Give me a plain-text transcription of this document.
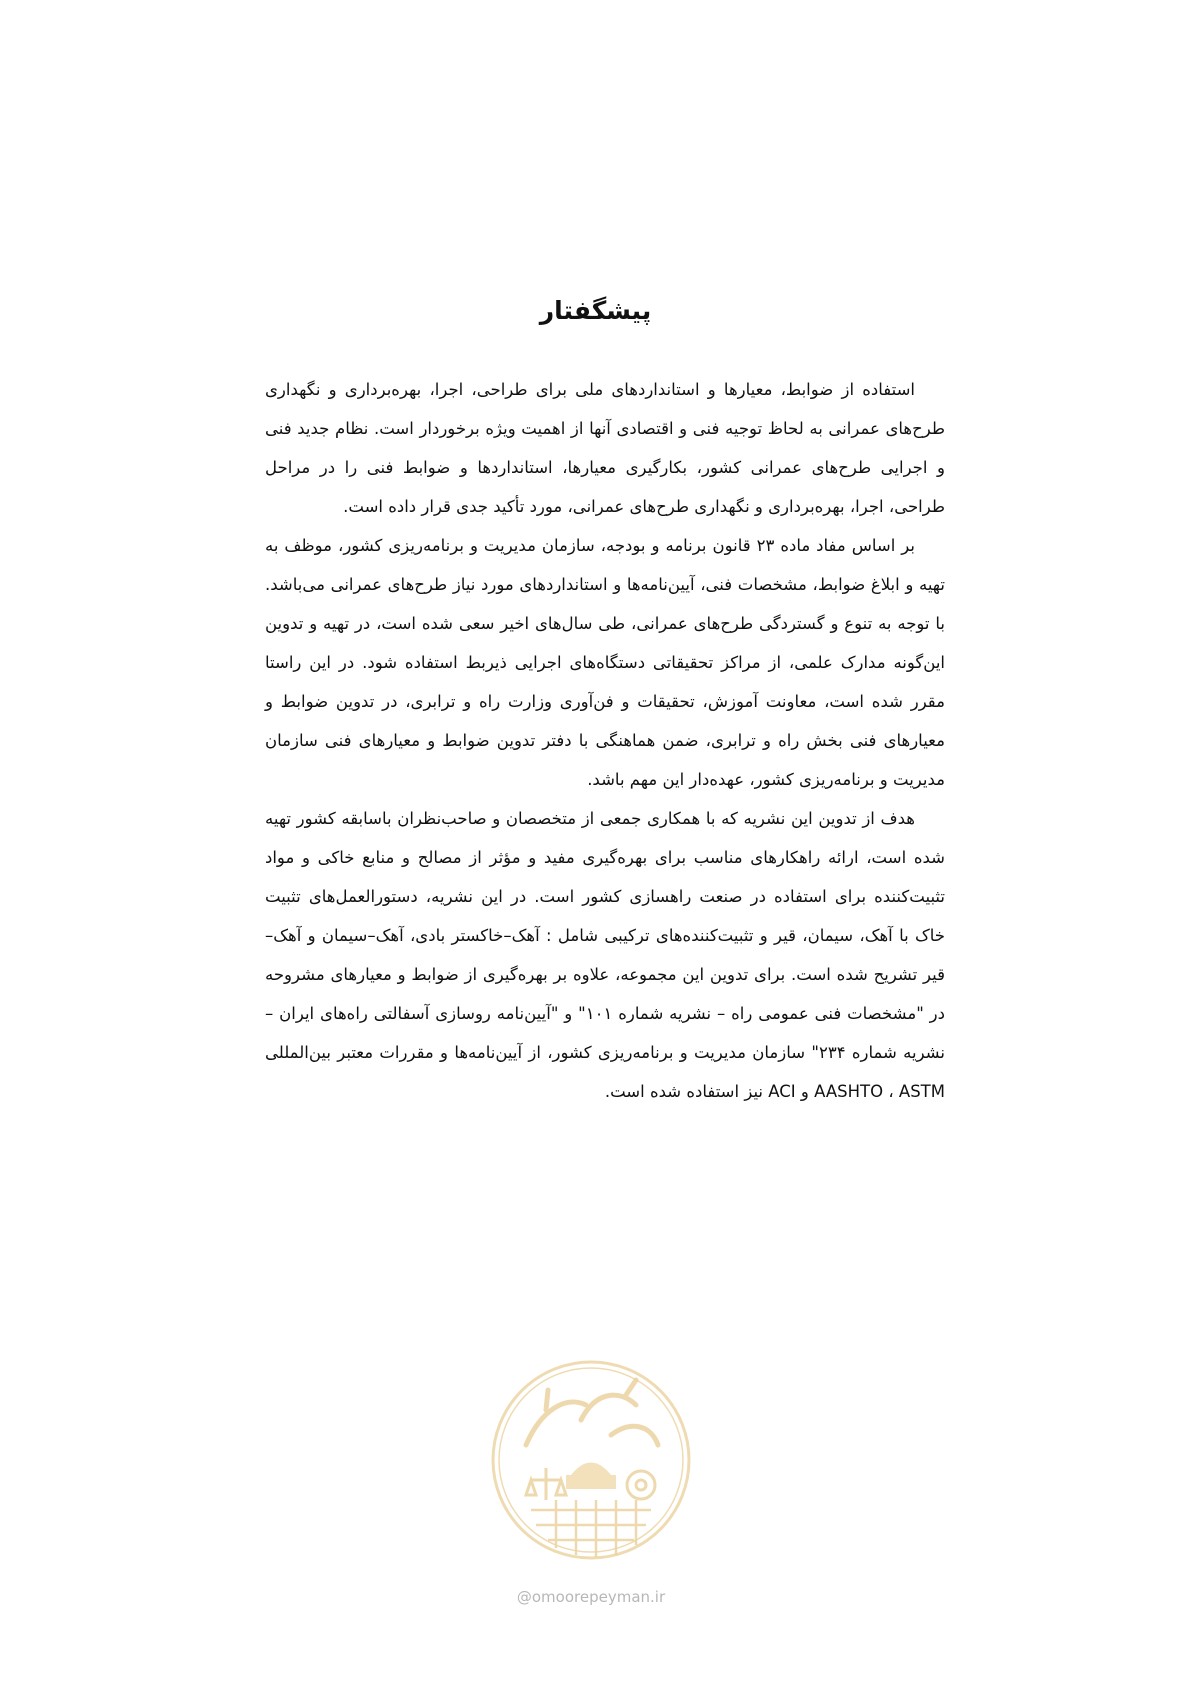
پیشگفتار

استفاده از ضوابط، معیارها و استانداردهای ملی برای طراحی، اجرا، بهره‌برداری و نگهداری طرح‌های عمرانی به لحاظ توجیه فنی و اقتصادی آنها از اهمیت ویژه برخوردار است. نظام جدید فنی و اجرایی طرح‌های عمرانی کشور، بکارگیری معیارها، استانداردها و ضوابط فنی را در مراحل طراحی، اجرا، بهره‌برداری و نگهداری طرح‌های عمرانی، مورد تأکید جدی قرار داده است.

بر اساس مفاد ماده ۲۳ قانون برنامه و بودجه، سازمان مدیریت و برنامه‌ریزی کشور، موظف به تهیه و ابلاغ ضوابط، مشخصات فنی، آیین‌نامه‌ها و استانداردهای مورد نیاز طرح‌های عمرانی می‌باشد. با توجه به تنوع و گستردگی طرح‌های عمرانی، طی سال‌های اخیر سعی شده است، در تهیه و تدوین این‌گونه مدارک علمی، از مراکز تحقیقاتی دستگاه‌های اجرایی ذیربط استفاده شود. در این راستا مقرر شده است، معاونت آموزش، تحقیقات و فن‌آوری وزارت راه و ترابری، در تدوین ضوابط و معیارهای فنی بخش راه و ترابری، ضمن هماهنگی با دفتر تدوین ضوابط و معیارهای فنی سازمان مدیریت و برنامه‌ریزی کشور، عهده‌دار این مهم باشد.

هدف از تدوین این نشریه که با همکاری جمعی از متخصصان و صاحب‌نظران باسابقه کشور تهیه شده است، ارائه راهکارهای مناسب برای بهره‌گیری مفید و مؤثر از مصالح و منابع خاکی و مواد تثبیت‌کننده برای استفاده در صنعت راهسازی کشور است. در این نشریه، دستورالعمل‌های تثبیت خاک با آهک، سیمان، قیر و تثبیت‌کننده‌های ترکیبی شامل : آهک–خاکستر بادی، آهک–سیمان و آهک–قیر تشریح شده است. برای تدوین این مجموعه، علاوه بر بهره‌گیری از ضوابط و معیارهای مشروحه در "مشخصات فنی عمومی راه – نشریه شماره ۱۰۱" و "آیین‌نامه روسازی آسفالتی راه‌های ایران – نشریه شماره ۲۳۴" سازمان مدیریت و برنامه‌ریزی کشور، از آیین‌نامه‌ها و مقررات معتبر بین‌المللی AASHTO ، ASTM و ACI نیز استفاده شده است.

@omoorepeyman.ir
